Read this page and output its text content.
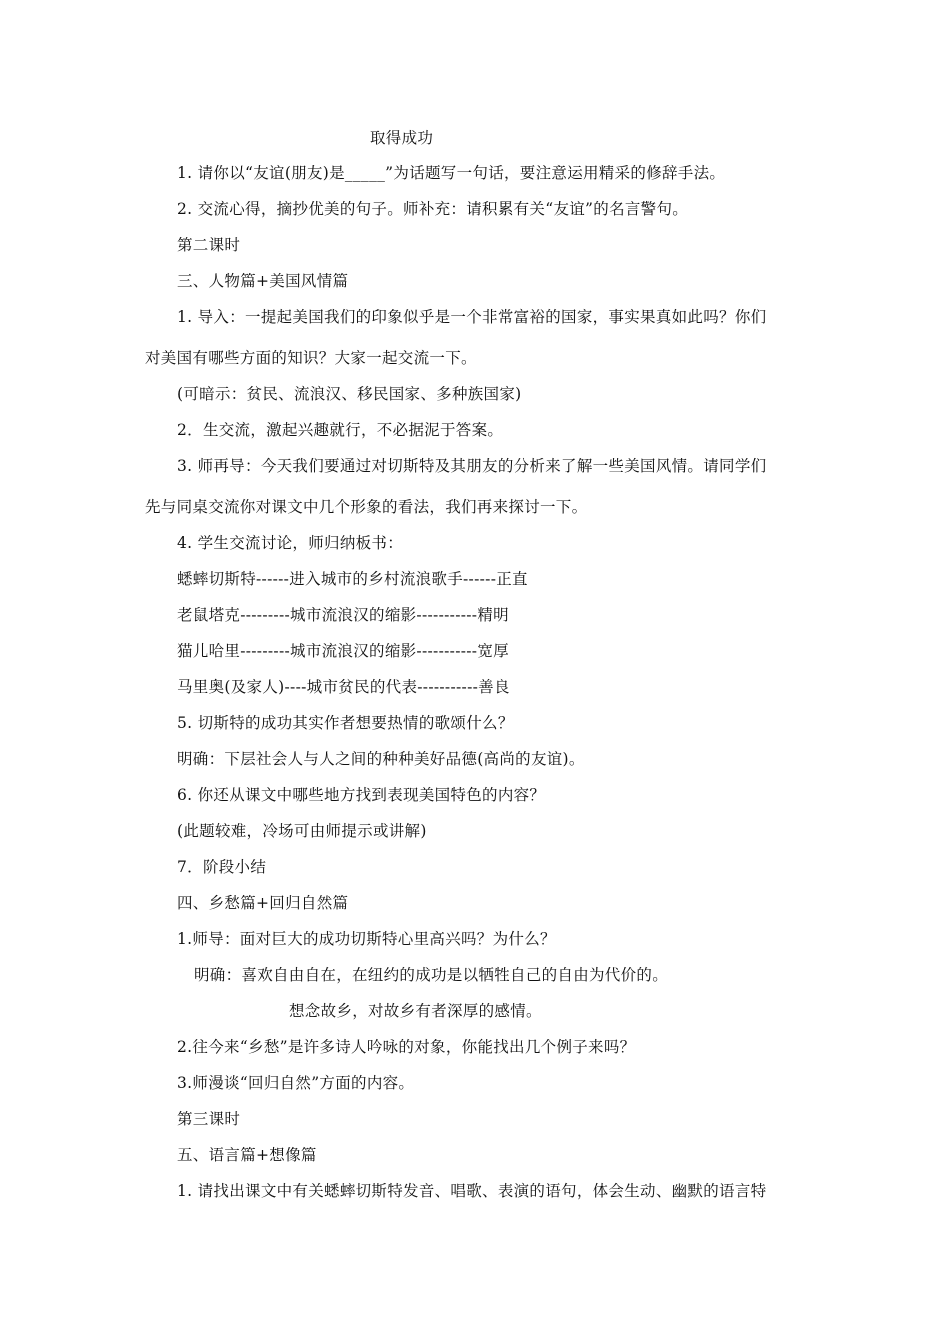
取得成功
1. 请你以“友谊(朋友)是_____”为话题写一句话，要注意运用精采的修辞手法。
2. 交流心得，摘抄优美的句子。师补充：请积累有关“友谊”的名言警句。
第二课时
三、人物篇+美国风情篇
1. 导入：一提起美国我们的印象似乎是一个非常富裕的国家，事实果真如此吗？你们
对美国有哪些方面的知识？大家一起交流一下。
(可暗示：贫民、流浪汉、移民国家、多种族国家)
2．生交流，激起兴趣就行，不必据泥于答案。
3. 师再导：今天我们要通过对切斯特及其朋友的分析来了解一些美国风情。请同学们
先与同桌交流你对课文中几个形象的看法，我们再来探讨一下。
4. 学生交流讨论，师归纳板书：
蟋蟀切斯特------进入城市的乡村流浪歌手------正直
老鼠塔克---------城市流浪汉的缩影-----------精明
猫儿哈里---------城市流浪汉的缩影-----------宽厚
马里奥(及家人)----城市贫民的代表-----------善良
5. 切斯特的成功其实作者想要热情的歌颂什么？
明确：下层社会人与人之间的种种美好品德(高尚的友谊)。
6. 你还从课文中哪些地方找到表现美国特色的内容？
(此题较难，冷场可由师提示或讲解)
7．阶段小结
四、乡愁篇+回归自然篇
1.师导：面对巨大的成功切斯特心里高兴吗？为什么？
明确：喜欢自由自在，在纽约的成功是以牺牲自己的自由为代价的。
想念故乡，对故乡有者深厚的感情。
2.往今来“乡愁”是许多诗人吟咏的对象，你能找出几个例子来吗？
3.师漫谈“回归自然”方面的内容。
第三课时
五、语言篇+想像篇
1. 请找出课文中有关蟋蟀切斯特发音、唱歌、表演的语句，体会生动、幽默的语言特
